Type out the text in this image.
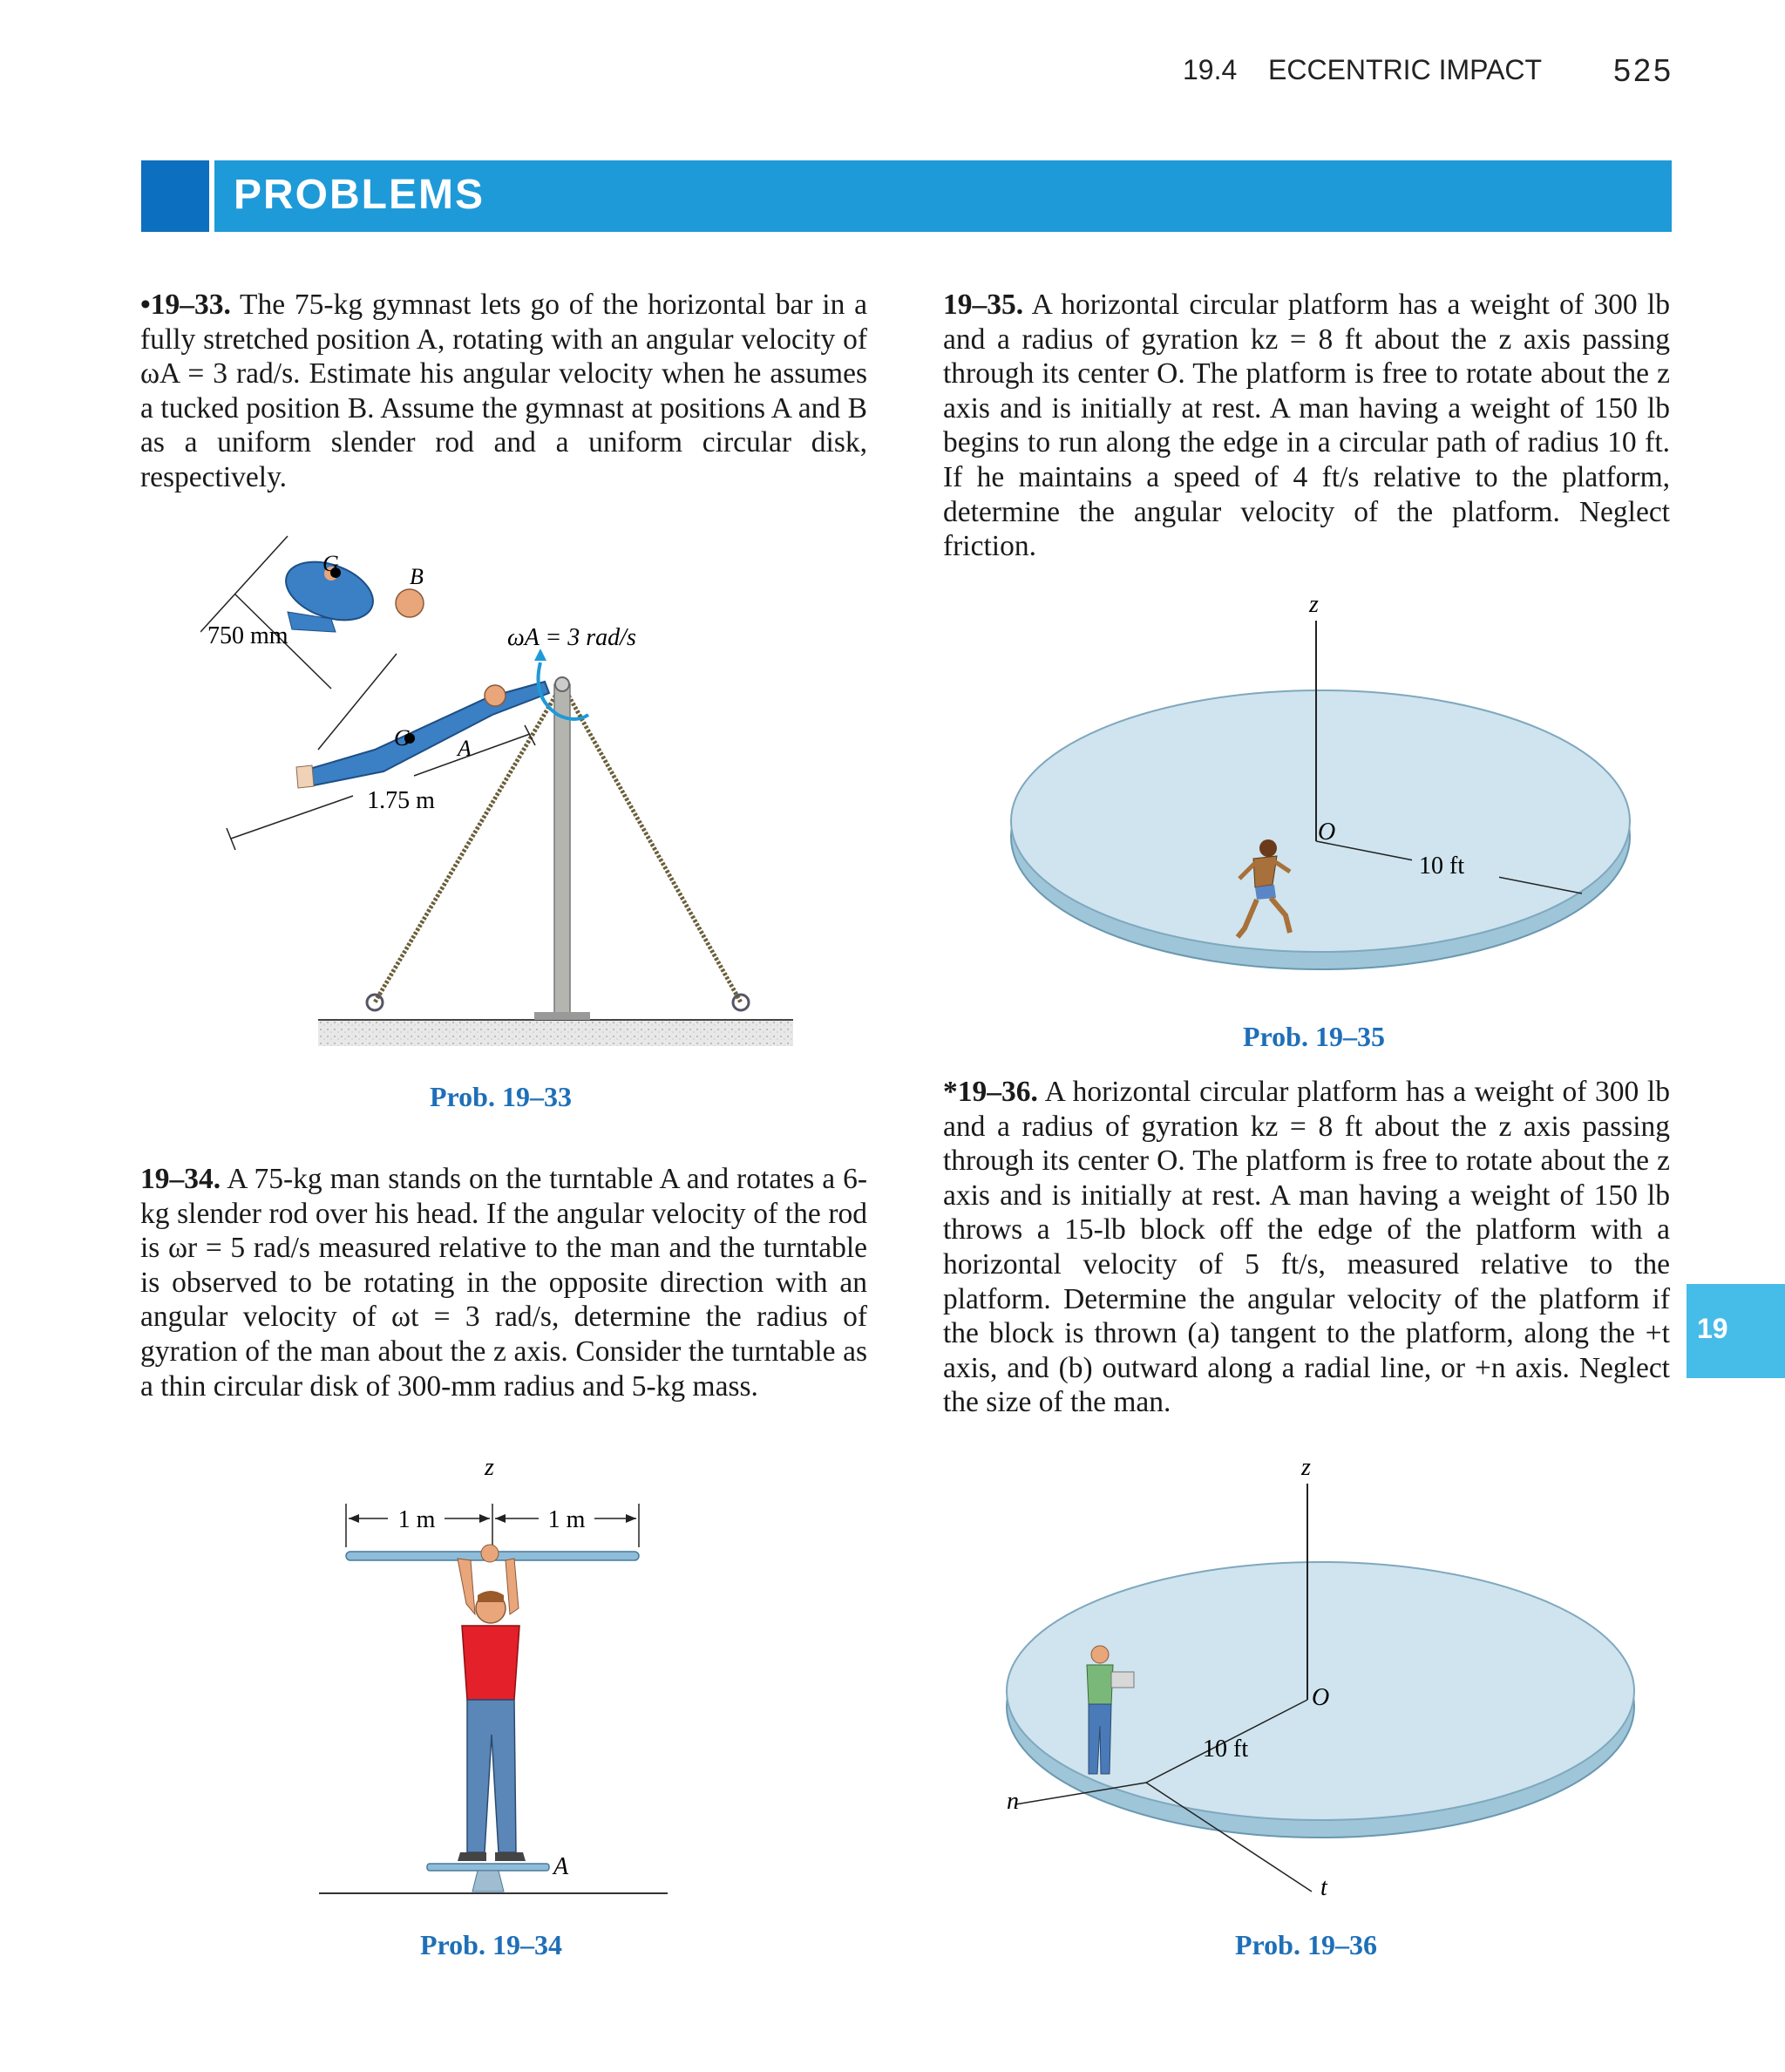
19.4 ECCENTRIC IMPACT 525
PROBLEMS
19
•19–33. The 75-kg gymnast lets go of the horizontal bar in a fully stretched position A, rotating with an angular velocity of ωA = 3 rad/s. Estimate his angular velocity when he assumes a tucked position B. Assume the gymnast at positions A and B as a uniform slender rod and a uniform circular disk, respectively.
19–35. A horizontal circular platform has a weight of 300 lb and a radius of gyration kz = 8 ft about the z axis passing through its center O. The platform is free to rotate about the z axis and is initially at rest. A man having a weight of 150 lb begins to run along the edge in a circular path of radius 10 ft. If he maintains a speed of 4 ft/s relative to the platform, determine the angular velocity of the platform. Neglect friction.
G A
1.75 m
ωA = 3 rad/s
G
B
750 mm
Prob. 19–33
19–34. A 75-kg man stands on the turntable A and rotates a 6-kg slender rod over his head. If the angular velocity of the rod is ωr = 5 rad/s measured relative to the man and the turntable is observed to be rotating in the opposite direction with an angular velocity of ωt = 3 rad/s, determine the radius of gyration of the man about the z axis. Consider the turntable as a thin circular disk of 300-mm radius and 5-kg mass.
z
1 m	1 m
A
Prob. 19–34
z
O
10 ft
Prob. 19–35
*19–36. A horizontal circular platform has a weight of 300 lb and a radius of gyration kz = 8 ft about the z axis passing through its center O. The platform is free to rotate about the z axis and is initially at rest. A man having a weight of 150 lb throws a 15-lb block off the edge of the platform with a horizontal velocity of 5 ft/s, measured relative to the platform. Determine the angular velocity of the platform if the block is thrown (a) tangent to the platform, along the +t axis, and (b) outward along a radial line, or +n axis. Neglect the size of the man.
z
O
10 ft
n
t
Prob. 19–36
